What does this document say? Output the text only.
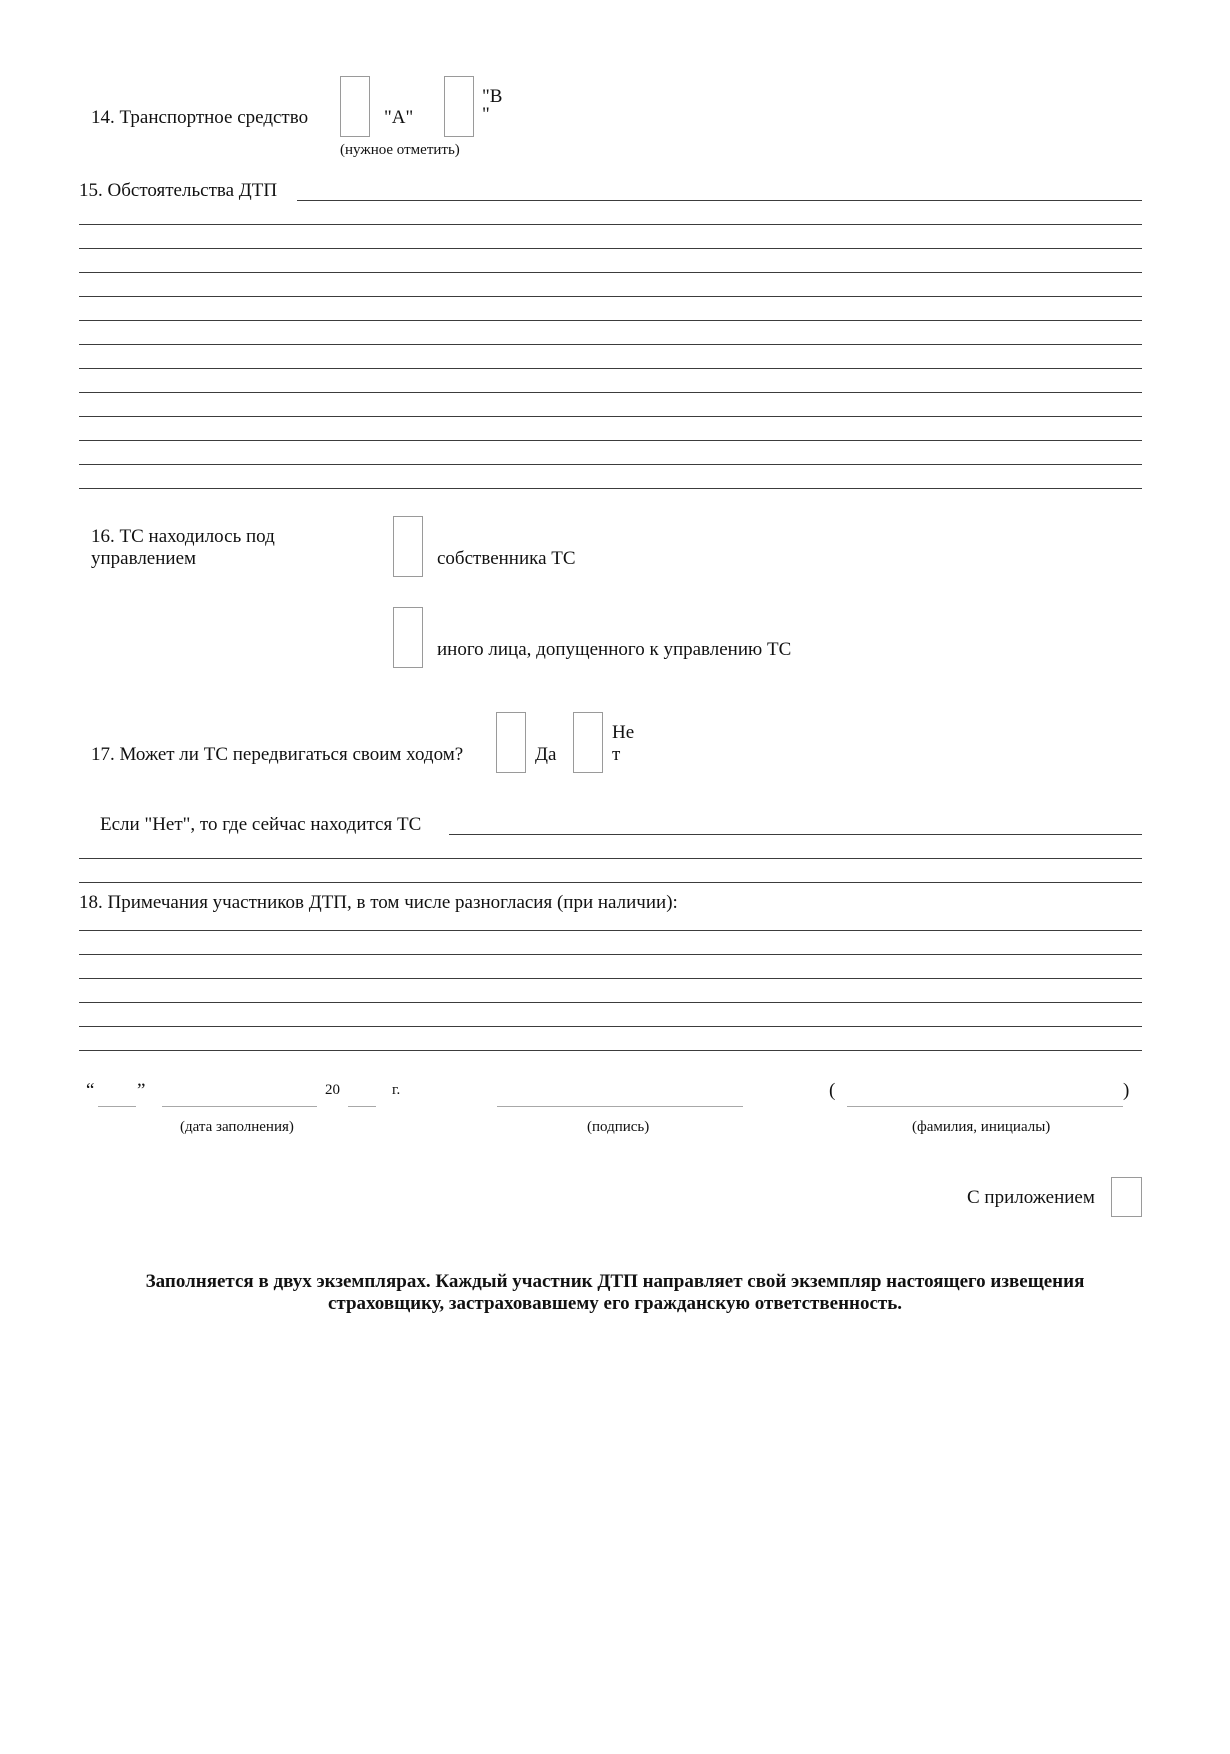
14. Транспортное средство	"A"
"В
"
(нужное отметить)
15. Обстоятельства ДТП
16. ТС находилось под
управлением	собственника ТС
иного лица, допущенного к управлению ТС
17. Может ли ТС передвигаться своим ходом?	Да
Не
т
Если "Нет", то где сейчас находится ТС
18. Примечания участников ДТП, в том числе разногласия (при наличии):
“ ”	20	г.	(	)
(дата заполнения)	(подпись)	(фамилия, инициалы)
С приложением
Заполняется в двух экземплярах. Каждый участник ДТП направляет свой экземпляр настоящего извещения
страховщику, застраховавшему его гражданскую ответственность.
